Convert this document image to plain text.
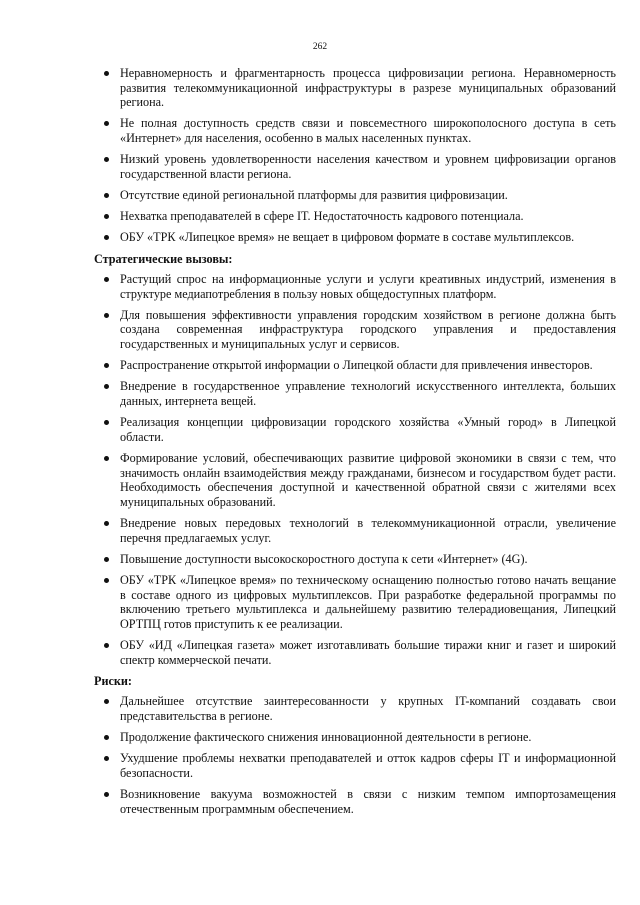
262
Неравномерность и фрагментарность процесса цифровизации региона. Неравномерность развития телекоммуникационной инфраструктуры в разрезе муниципальных образований региона.
Не полная доступность средств связи и повсеместного широкополосного доступа в сеть «Интернет» для населения, особенно в малых населенных пунктах.
Низкий уровень удовлетворенности населения качеством и уровнем цифровизации органов государственной власти региона.
Отсутствие единой региональной платформы для развития цифровизации.
Нехватка преподавателей в сфере IT. Недостаточность кадрового потенциала.
ОБУ «ТРК «Липецкое время» не вещает в цифровом формате в составе мультиплексов.
Стратегические вызовы:
Растущий спрос на информационные услуги и услуги креативных индустрий, изменения в структуре медиапотребления в пользу новых общедоступных платформ.
Для повышения эффективности управления городским хозяйством в регионе должна быть создана современная инфраструктура городского управления и предоставления государственных и муниципальных услуг и сервисов.
Распространение открытой информации о Липецкой области для привлечения инвесторов.
Внедрение в государственное управление технологий искусственного интеллекта, больших данных, интернета вещей.
Реализация концепции цифровизации городского хозяйства «Умный город» в Липецкой области.
Формирование условий, обеспечивающих развитие цифровой экономики в связи с тем, что значимость онлайн взаимодействия между гражданами, бизнесом и государством будет расти. Необходимость обеспечения доступной и качественной обратной связи с жителями всех муниципальных образований.
Внедрение новых передовых технологий в телекоммуникационной отрасли, увеличение перечня предлагаемых услуг.
Повышение доступности высокоскоростного доступа к сети «Интернет» (4G).
ОБУ «ТРК «Липецкое время» по техническому оснащению полностью готово начать вещание в составе одного из цифровых мультиплексов. При разработке федеральной программы по включению третьего мультиплекса и дальнейшему развитию телерадиовещания, Липецкий ОРТПЦ готов приступить к ее реализации.
ОБУ «ИД «Липецкая газета» может изготавливать большие тиражи книг и газет и широкий спектр коммерческой печати.
Риски:
Дальнейшее отсутствие заинтересованности у крупных IT-компаний создавать свои представительства в регионе.
Продолжение фактического снижения инновационной деятельности в регионе.
Ухудшение проблемы нехватки преподавателей и отток кадров сферы IT и информационной безопасности.
Возникновение вакуума возможностей в связи с низким темпом импортозамещения отечественным программным обеспечением.
